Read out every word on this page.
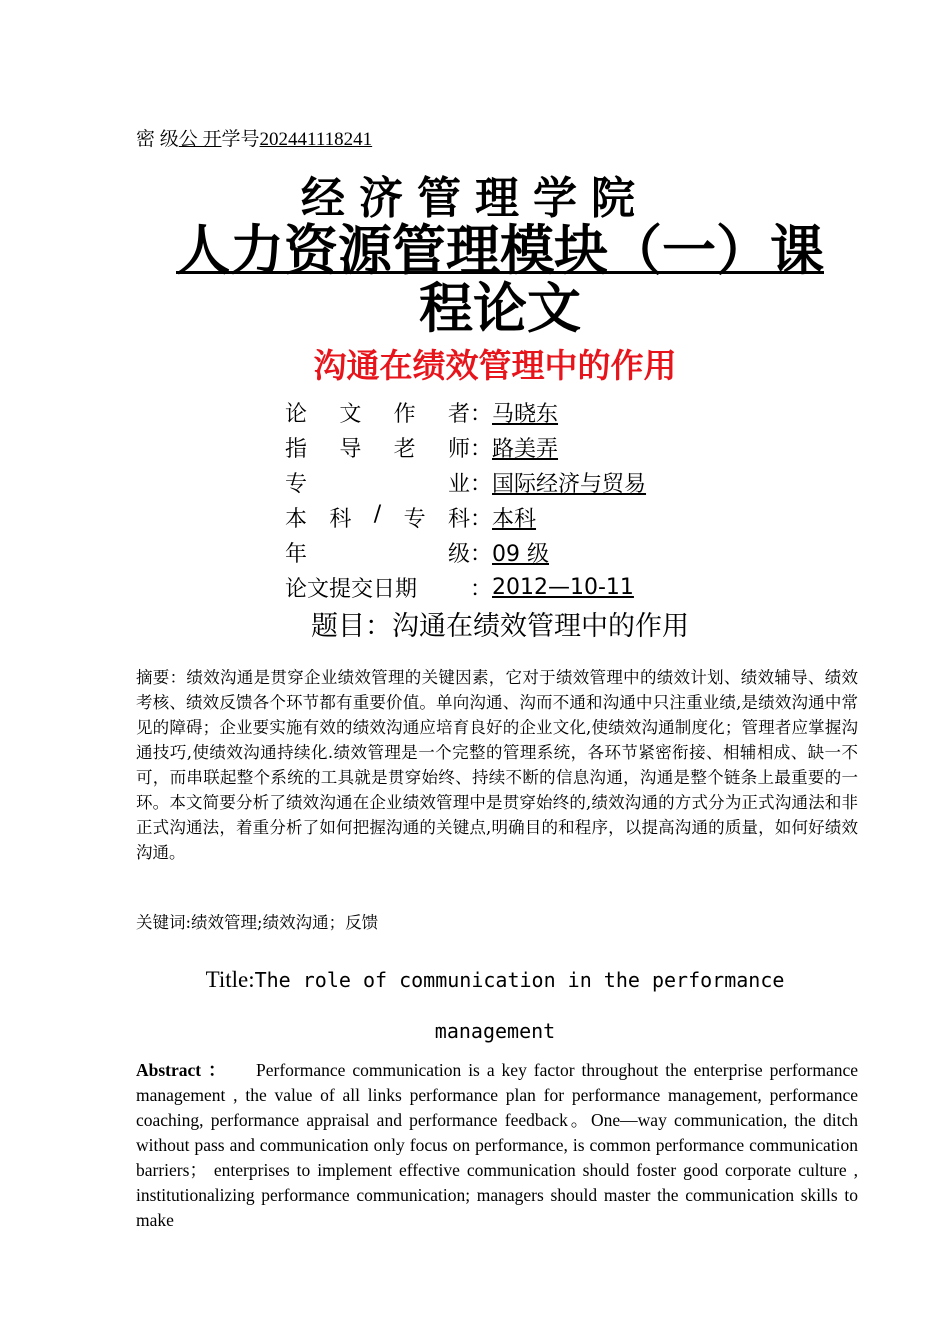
密 级公 开学号202441118241
经济管理学院
人力资源管理模块（一）课
程论文
沟通在绩效管理中的作用
论 文 作 者 ： 马晓东
指 导 老 师 ： 路美弄
专	业 ： 国际经济与贸易
本 科 / 专 科 ： 本科
年	级 ： 09 级
论文提交日期 ： 2012—10-11
题目：沟通在绩效管理中的作用
摘要：绩效沟通是贯穿企业绩效管理的关键因素，它对于绩效管理中的绩效计划、绩效辅导、绩效考核、绩效反馈各个环节都有重要价值。单向沟通、沟而不通和沟通中只注重业绩,是绩效沟通中常见的障碍；企业要实施有效的绩效沟通应培育良好的企业文化,使绩效沟通制度化；管理者应掌握沟通技巧,使绩效沟通持续化.绩效管理是一个完整的管理系统，各环节紧密衔接、相辅相成、缺一不可，而串联起整个系统的工具就是贯穿始终、持续不断的信息沟通，沟通是整个链条上最重要的一环。本文简要分析了绩效沟通在企业绩效管理中是贯穿始终的,绩效沟通的方式分为正式沟通法和非正式沟通法，着重分析了如何把握沟通的关键点,明确目的和程序，以提高沟通的质量，如何好绩效沟通。
关键词:绩效管理;绩效沟通；反馈
Title:The role of communication in the performance
management
Abstract ： Performance communication is a key factor throughout the enterprise performance management , the value of all links performance plan for performance management, performance coaching, performance appraisal and performance feedback。One—way communication, the ditch without pass and communication only focus on performance, is common performance communication barriers； enterprises to implement effective communication should foster good corporate culture , institutionalizing performance communication; managers should master the communication skills to make
